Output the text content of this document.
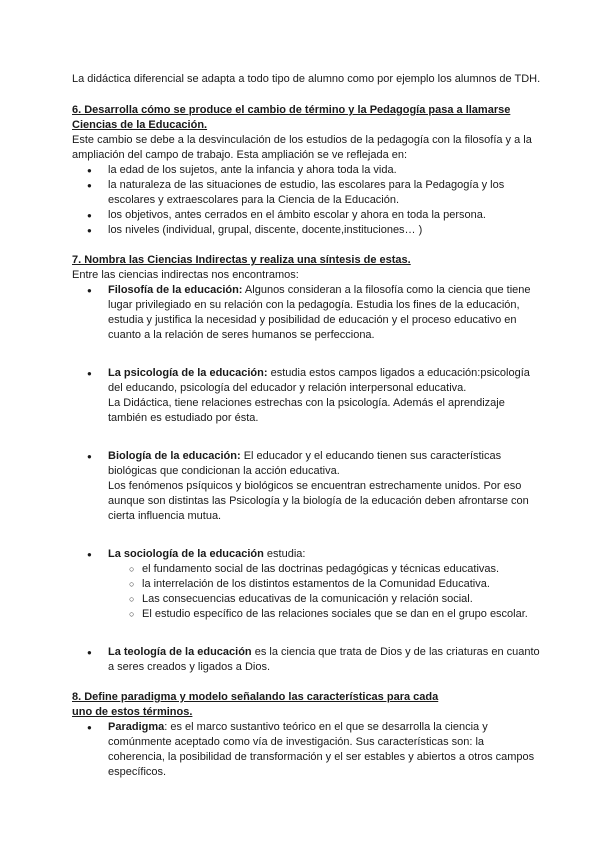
La didáctica diferencial se adapta a todo tipo de alumno como por ejemplo los alumnos de TDH.

6. Desarrolla cómo se produce el cambio de término y la Pedagogía pasa a llamarse Ciencias de la Educación.

Este cambio se debe a la desvinculación de los estudios de la pedagogía con la filosofía y a la ampliación del campo de trabajo. Esta ampliación se ve reflejada en:

● la edad de los sujetos, ante la infancia y ahora toda la vida.
● la naturaleza de las situaciones de estudio, las escolares para la Pedagogía y los escolares y extraescolares para la Ciencia de la Educación.
● los objetivos, antes cerrados en el ámbito escolar y ahora en toda la persona.
● los niveles (individual, grupal, discente, docente,instituciones… )

7. Nombra las Ciencias Indirectas y realiza una síntesis de estas.

Entre las ciencias indirectas nos encontramos:

● Filosofía de la educación: Algunos consideran a la filosofía como la ciencia que tiene lugar privilegiado en su relación con la pedagogía. Estudia los fines de la educación, estudia y justifica la necesidad y posibilidad de educación y el proceso educativo en cuanto a la relación de seres humanos se perfecciona.
● La psicología de la educación: estudia estos campos ligados a educación:psicología del educando, psicología del educador y relación interpersonal educativa.
La Didáctica, tiene relaciones estrechas con la psicología. Además el aprendizaje también es estudiado por ésta.
● Biología de la educación: El educador y el educando tienen sus características biológicas que condicionan la acción educativa.
Los fenómenos psíquicos y biológicos se encuentran estrechamente unidos. Por eso aunque son distintas las Psicología y la biología de la educación deben afrontarse con cierta influencia mutua.
● La sociología de la educación estudia:
○ el fundamento social de las doctrinas pedagógicas y técnicas educativas.
○ la interrelación de los distintos estamentos de la Comunidad Educativa.
○ Las consecuencias educativas de la comunicación y relación social.
○ El estudio específico de las relaciones sociales que se dan en el grupo escolar.
● La teología de la educación es la ciencia que trata de Dios y de las criaturas en cuanto a seres creados y ligados a Dios.

8. Define paradigma y modelo señalando las características para cada
uno de estos términos.

● Paradigma: es el marco sustantivo teórico en el que se desarrolla la ciencia y comúnmente aceptado como vía de investigación. Sus características son: la coherencia, la posibilidad de transformación y el ser estables y abiertos a otros campos específicos.
